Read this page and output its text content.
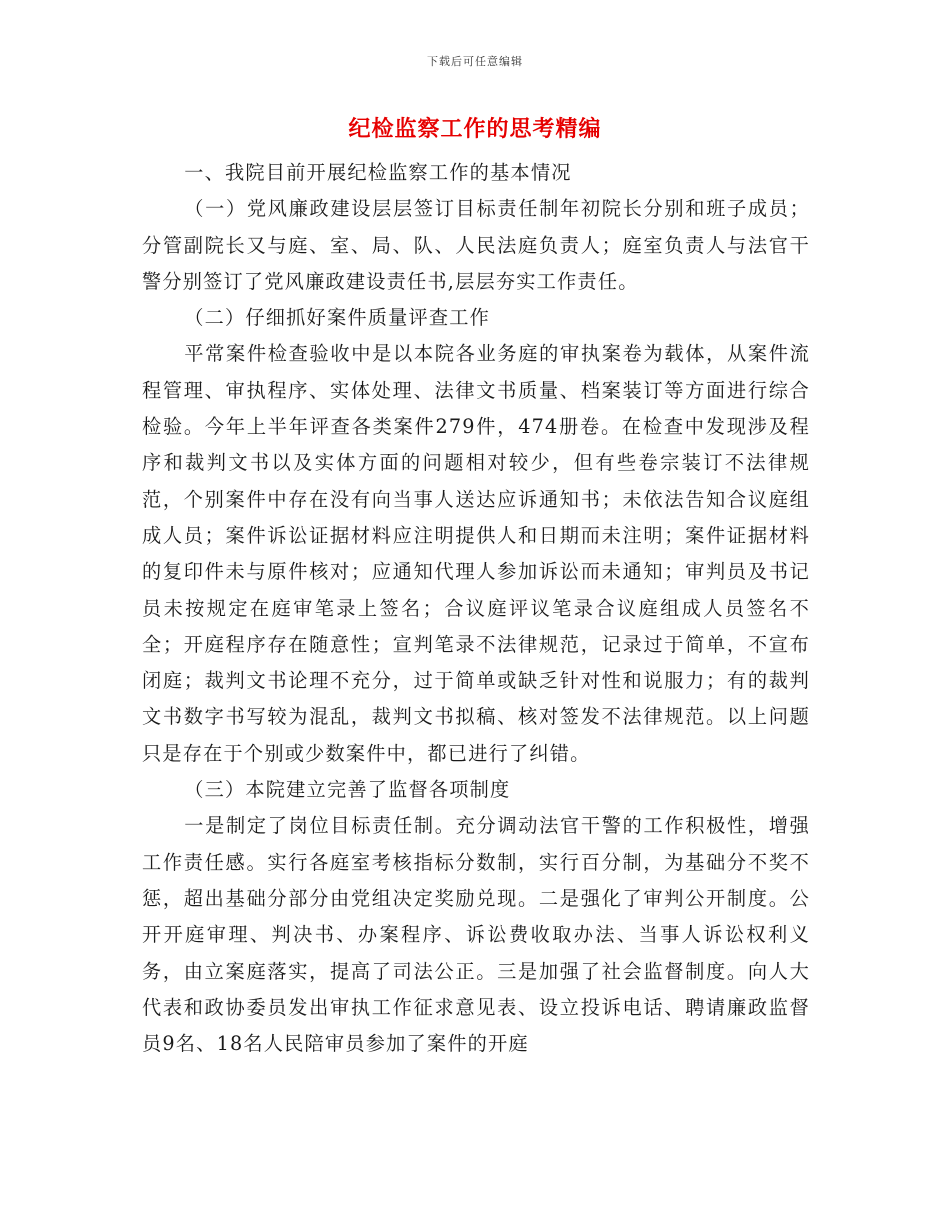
下载后可任意编辑
纪检监察工作的思考精编

一、我院目前开展纪检监察工作的基本情况

（一）党风廉政建设层层签订目标责任制年初院长分别和班子成员；分管副院长又与庭、室、局、队、人民法庭负责人；庭室负责人与法官干警分别签订了党风廉政建设责任书,层层夯实工作责任。

（二）仔细抓好案件质量评查工作

平常案件检查验收中是以本院各业务庭的审执案卷为载体，从案件流程管理、审执程序、实体处理、法律文书质量、档案装订等方面进行综合检验。今年上半年评查各类案件279件，474册卷。在检查中发现涉及程序和裁判文书以及实体方面的问题相对较少，但有些卷宗装订不法律规范，个别案件中存在没有向当事人送达应诉通知书；未依法告知合议庭组成人员；案件诉讼证据材料应注明提供人和日期而未注明；案件证据材料的复印件未与原件核对；应通知代理人参加诉讼而未通知；审判员及书记员未按规定在庭审笔录上签名；合议庭评议笔录合议庭组成人员签名不全；开庭程序存在随意性；宣判笔录不法律规范，记录过于简单，不宣布闭庭；裁判文书论理不充分，过于简单或缺乏针对性和说服力；有的裁判文书数字书写较为混乱，裁判文书拟稿、核对签发不法律规范。以上问题只是存在于个别或少数案件中，都已进行了纠错。

（三）本院建立完善了监督各项制度

一是制定了岗位目标责任制。充分调动法官干警的工作积极性，增强工作责任感。实行各庭室考核指标分数制，实行百分制，为基础分不奖不惩，超出基础分部分由党组决定奖励兑现。二是强化了审判公开制度。公开开庭审理、判决书、办案程序、诉讼费收取办法、当事人诉讼权利义务，由立案庭落实，提高了司法公正。三是加强了社会监督制度。向人大代表和政协委员发出审执工作征求意见表、设立投诉电话、聘请廉政监督员9名、18名人民陪审员参加了案件的开庭
